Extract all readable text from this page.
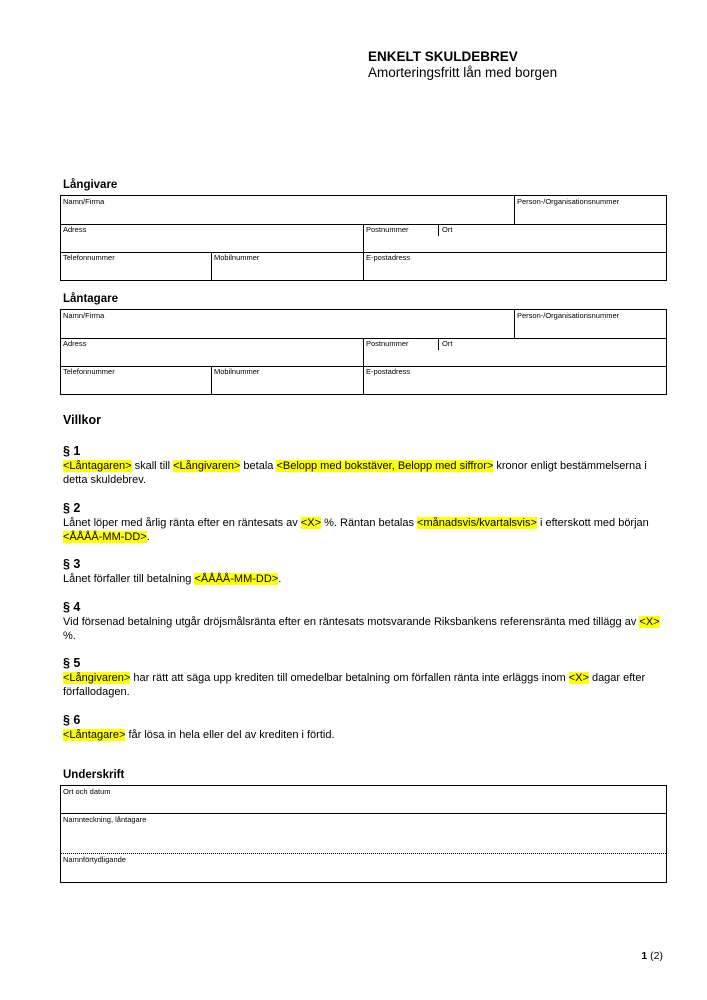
ENKELT SKULDEBREV
Amorteringsfritt lån med borgen
Långivare
Namn/Firma	Person-/Organisationsnummer
Adress	Postnummer	Ort
Telefonnummer	Mobilnummer	E-postadress
Låntagare
Namn/Firma	Person-/Organisationsnummer
Adress	Postnummer	Ort
Telefonnummer	Mobilnummer	E-postadress
Villkor
§ 1
<Låntagaren> skall till <Långivaren> betala <Belopp med bokstäver, Belopp med siffror> kronor enligt bestämmelserna i detta skuldebrev.
§ 2
Lånet löper med årlig ränta efter en räntesats av <X> %. Räntan betalas <månadsvis/kvartalsvis> i efterskott med början <ÅÅÅÅ-MM-DD>.
§ 3
Lånet förfaller till betalning <ÅÅÅÅ-MM-DD>.
§ 4
Vid försenad betalning utgår dröjsmålsränta efter en räntesats motsvarande Riksbankens referensränta med tillägg av <X> %.
§ 5
<Långivaren> har rätt att säga upp krediten till omedelbar betalning om förfallen ränta inte erläggs inom <X> dagar efter förfallodagen.
§ 6
<Låntagare> får lösa in hela eller del av krediten i förtid.
Underskrift
Ort och datum
Namnteckning, låntagare
Namnförtydligande
1 (2)
